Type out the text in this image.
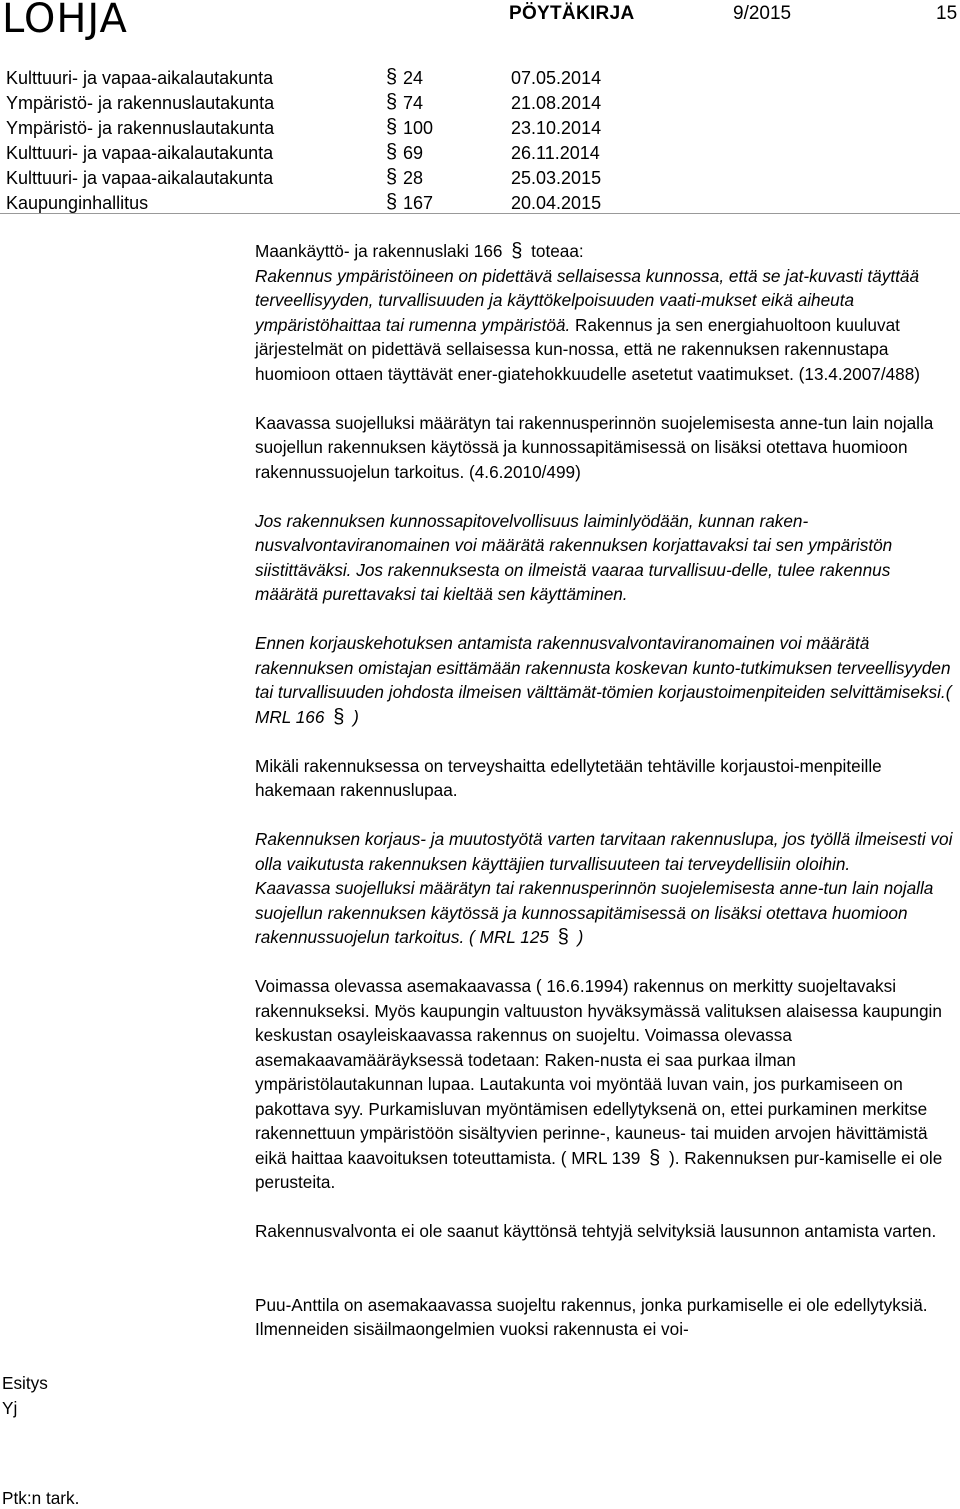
LOHJA	PÖYTÄKIRJA	9/2015	15
Kulttuuri- ja vapaa-aikalautakunta	§ 24	07.05.2014
Ympäristö- ja rakennuslautakunta	§ 74	21.08.2014
Ympäristö- ja rakennuslautakunta	§ 100	23.10.2014
Kulttuuri- ja vapaa-aikalautakunta	§ 69	26.11.2014
Kulttuuri- ja vapaa-aikalautakunta	§ 28	25.03.2015
Kaupunginhallitus	§ 167	20.04.2015

Maankäyttö- ja rakennuslaki 166 § toteaa:
Rakennus ympäristöineen on pidettävä sellaisessa kunnossa, että se jat-kuvasti täyttää terveellisyyden, turvallisuuden ja käyttökelpoisuuden vaati-mukset eikä aiheuta ympäristöhaittaa tai rumenna ympäristöä. Rakennus ja sen energiahuoltoon kuuluvat järjestelmät on pidettävä sellaisessa kun-nossa, että ne rakennuksen rakennustapa huomioon ottaen täyttävät ener-giatehokkuudelle asetetut vaatimukset. (13.4.2007/488)

Kaavassa suojelluksi määrätyn tai rakennusperinnön suojelemisesta anne-tun lain nojalla suojellun rakennuksen käytössä ja kunnossapitämisessä on lisäksi otettava huomioon rakennussuojelun tarkoitus. (4.6.2010/499)

Jos rakennuksen kunnossapitovelvollisuus laiminlyödään, kunnan raken-nusvalvontaviranomainen voi määrätä rakennuksen korjattavaksi tai sen ympäristön siistittäväksi. Jos rakennuksesta on ilmeistä vaaraa turvallisuu-delle, tulee rakennus määrätä purettavaksi tai kieltää sen käyttäminen.

Ennen korjauskehotuksen antamista rakennusvalvontaviranomainen voi määrätä rakennuksen omistajan esittämään rakennusta koskevan kunto-tutkimuksen terveellisyyden tai turvallisuuden johdosta ilmeisen välttämät-tömien korjaustoimenpiteiden selvittämiseksi.( MRL 166 § )

Mikäli rakennuksessa on terveyshaitta edellytetään tehtäville korjaustoi-menpiteille hakemaan rakennuslupaa.

Rakennuksen korjaus- ja muutostyötä varten tarvitaan rakennuslupa, jos työllä ilmeisesti voi olla vaikutusta rakennuksen käyttäjien turvallisuuteen tai terveydellisiin oloihin.

Kaavassa suojelluksi määrätyn tai rakennusperinnön suojelemisesta anne-tun lain nojalla suojellun rakennuksen käytössä ja kunnossapitämisessä on lisäksi otettava huomioon rakennussuojelun tarkoitus. ( MRL 125 § )

Voimassa olevassa asemakaavassa ( 16.6.1994) rakennus on merkitty suojeltavaksi rakennukseksi. Myös kaupungin valtuuston hyväksymässä valituksen alaisessa kaupungin keskustan osayleiskaavassa rakennus on suojeltu. Voimassa olevassa asemakaavamääräyksessä todetaan: Raken-nusta ei saa purkaa ilman ympäristölautakunnan lupaa. Lautakunta voi myöntää luvan vain, jos purkamiseen on pakottava syy. Purkamisluvan myöntämisen edellytyksenä on, ettei purkaminen merkitse rakennettuun ympäristöön sisältyvien perinne-, kauneus- tai muiden arvojen hävittämistä eikä haittaa kaavoituksen toteuttamista. ( MRL 139 § ). Rakennuksen pur-kamiselle ei ole perusteita.

Rakennusvalvonta ei ole saanut käyttönsä tehtyjä selvityksiä lausunnon antamista varten.

Puu-Anttila on asemakaavassa suojeltu rakennus, jonka purkamiselle ei ole edellytyksiä. Ilmenneiden sisäilmaongelmien vuoksi rakennusta ei voi-

Esitys
Yj
Ptk:n tark.
